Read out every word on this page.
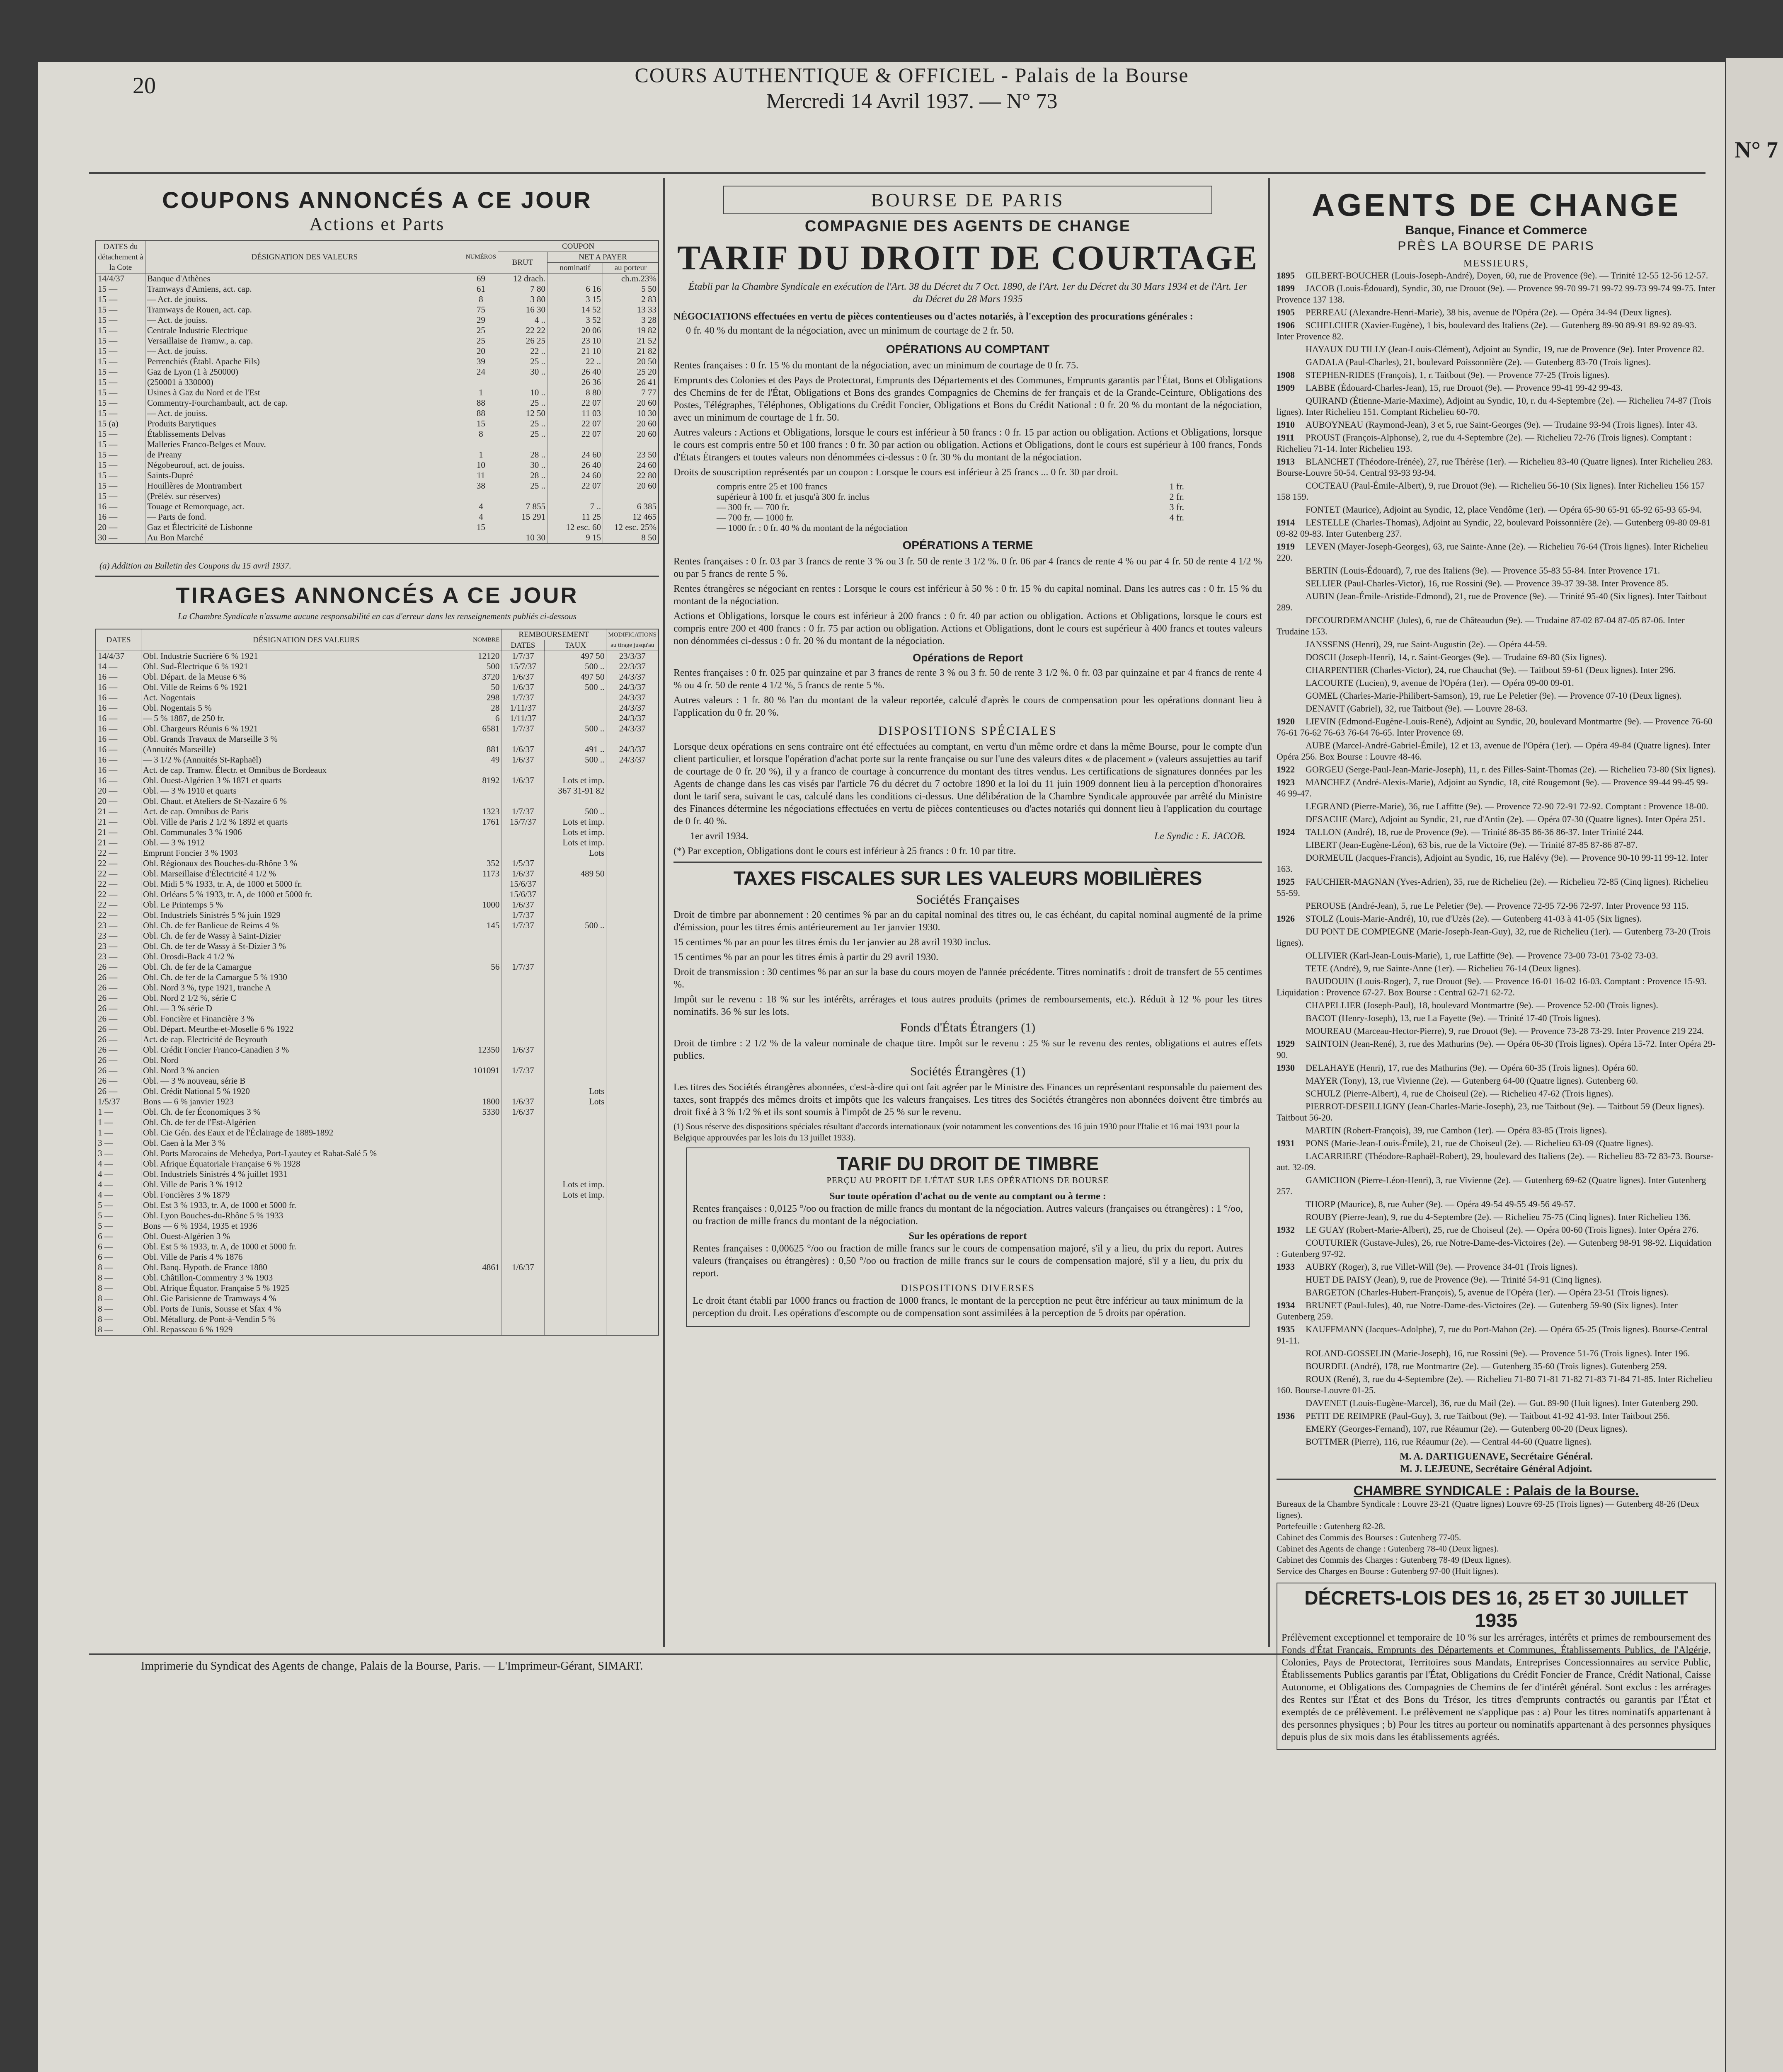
N° 7
20	COURS AUTHENTIQUE & OFFICIEL - Palais de la Bourse
Mercredi 14 Avril 1937. — N° 73
COUPONS ANNONCÉS A CE JOUR
Actions et Parts
DATES du détachement à la Cote	DÉSIGNATION DES VALEURS	NUMÉROS	COUPON		
			BRUT	NET A PAYER	
				nominatif	au porteur
14/4/37	Banque d'Athènes	69	12 drach.		ch.m.23%
15 —	Tramways d'Amiens, act. cap.	61	7 80	6 16	5 50
15 —	— Act. de jouiss.	8	3 80	3 15	2 83
15 —	Tramways de Rouen, act. cap.	75	16 30	14 52	13 33
15 —	— Act. de jouiss.	29	4 ..	3 52	3 28
15 —	Centrale Industrie Electrique	25	22 22	20 06	19 82
15 —	Versaillaise de Tramw., a. cap.	25	26 25	23 10	21 52
15 —	— Act. de jouiss.	20	22 ..	21 10	21 82
15 —	Perrenchiés (Établ. Apache Fils)	39	25 ..	22 ..	20 50
15 —	Gaz de Lyon (1 à 250000)	24	30 ..	26 40	25 20
15 —	(250001 à 330000)			26 36	26 41
15 —	Usines à Gaz du Nord et de l'Est	1	10 ..	8 80	7 77
15 —	Commentry-Fourchambault, act. de cap.	88	25 ..	22 07	20 60
15 —	— Act. de jouiss.	88	12 50	11 03	10 30
15 (a)	Produits Barytiques	15	25 ..	22 07	20 60
15 —	Établissements Delvas	8	25 ..	22 07	20 60
15 —	Malleries Franco-Belges et Mouv.				
15 —	de Preany	1	28 ..	24 60	23 50
15 —	Négobeurouf, act. de jouiss.	10	30 ..	26 40	24 60
15 —	Saints-Dupré	11	28 ..	24 60	22 80
15 —	Houillères de Montrambert	38	25 ..	22 07	20 60
15 —	(Prélèv. sur réserves)				
16 —	Touage et Remorquage, act.	4	7 855	7 ..	6 385
16 —	— Parts de fond.	4	15 291	11 25	12 465
20 —	Gaz et Électricité de Lisbonne	15		12 esc. 60	12 esc. 25%
30 —	Au Bon Marché		10 30	9 15	8 50
(a) Addition au Bulletin des Coupons du 15 avril 1937.
TIRAGES ANNONCÉS A CE JOUR
La Chambre Syndicale n'assume aucune responsabilité en cas d'erreur dans les renseignements publiés ci-dessous
DATES	DÉSIGNATION DES VALEURS	NOMBRE	REMBOURSEMENT		MODIFICATIONS au tirage jusqu'au
			DATES	TAUX	
14/4/37	Obl. Industrie Sucrière 6 % 1921	12120	1/7/37	497 50	23/3/37
14 —	Obl. Sud-Électrique 6 % 1921	500	15/7/37	500 ..	22/3/37
16 —	Obl. Départ. de la Meuse 6 %	3720	1/6/37	497 50	24/3/37
16 —	Obl. Ville de Reims 6 % 1921	50	1/6/37	500 ..	24/3/37
16 —	Act. Nogentais	298	1/7/37		24/3/37
16 —	Obl. Nogentais 5 %	28	1/11/37		24/3/37
16 —	— 5 % 1887, de 250 fr.	6	1/11/37		24/3/37
16 —	Obl. Chargeurs Réunis 6 % 1921	6581	1/7/37	500 ..	24/3/37
16 —	Obl. Grands Travaux de Marseille 3 %				
16 —	(Annuités Marseille)	881	1/6/37	491 ..	24/3/37
16 —	— 3 1/2 % (Annuités St-Raphaël)	49	1/6/37	500 ..	24/3/37
16 —	Act. de cap. Tramw. Électr. et Omnibus de Bordeaux				
16 —	Obl. Ouest-Algérien 3 % 1871 et quarts	8192	1/6/37	Lots et imp.	
20 —	Obl. — 3 % 1910 et quarts			367 31-91 82	
20 —	Obl. Chaut. et Ateliers de St-Nazaire 6 %				
21 —	Act. de cap. Omnibus de Paris	1323	1/7/37	500 ..	
21 —	Obl. Ville de Paris 2 1/2 % 1892 et quarts	1761	15/7/37	Lots et imp.	
21 —	Obl. Communales 3 % 1906			Lots et imp.	
21 —	Obl. — 3 % 1912			Lots et imp.	
22 —	Emprunt Foncier 3 % 1903			Lots	
22 —	Obl. Régionaux des Bouches-du-Rhône 3 %	352	1/5/37		
22 —	Obl. Marseillaise d'Électricité 4 1/2 %	1173	1/6/37	489 50	
22 —	Obl. Midi 5 % 1933, tr. A, de 1000 et 5000 fr.		15/6/37		
22 —	Obl. Orléans 5 % 1933, tr. A, de 1000 et 5000 fr.		15/6/37		
22 —	Obl. Le Printemps 5 %	1000	1/6/37		
22 —	Obl. Industriels Sinistrés 5 % juin 1929		1/7/37		
23 —	Obl. Ch. de fer Banlieue de Reims 4 %	145	1/7/37	500 ..	
23 —	Obl. Ch. de fer de Wassy à Saint-Dizier				
23 —	Obl. Ch. de fer de Wassy à St-Dizier 3 %				
23 —	Obl. Orosdi-Back 4 1/2 %				
26 —	Obl. Ch. de fer de la Camargue	56	1/7/37		
26 —	Obl. Ch. de fer de la Camargue 5 % 1930				
26 —	Obl. Nord 3 %, type 1921, tranche A				
26 —	Obl. Nord 2 1/2 %, série C				
26 —	Obl. — 3 % série D				
26 —	Obl. Foncière et Financière 3 %				
26 —	Obl. Départ. Meurthe-et-Moselle 6 % 1922				
26 —	Act. de cap. Electricité de Beyrouth				
26 —	Obl. Crédit Foncier Franco-Canadien 3 %	12350	1/6/37		
26 —	Obl. Nord				
26 —	Obl. Nord 3 % ancien	101091	1/7/37		
26 —	Obl. — 3 % nouveau, série B				
26 —	Obl. Crédit National 5 % 1920			Lots	
1/5/37	Bons — 6 % janvier 1923	1800	1/6/37	Lots	
1 —	Obl. Ch. de fer Économiques 3 %	5330	1/6/37		
1 —	Obl. Ch. de fer de l'Est-Algérien				
1 —	Obl. Cie Gén. des Eaux et de l'Éclairage de 1889-1892				
3 —	Obl. Caen à la Mer 3 %				
3 —	Obl. Ports Marocains de Mehedya, Port-Lyautey et Rabat-Salé 5 %				
4 —	Obl. Afrique Équatoriale Française 6 % 1928				
4 —	Obl. Industriels Sinistrés 4 % juillet 1931				
4 —	Obl. Ville de Paris 3 % 1912			Lots et imp.	
4 —	Obl. Foncières 3 % 1879			Lots et imp.	
5 —	Obl. Est 3 % 1933, tr. A, de 1000 et 5000 fr.				
5 —	Obl. Lyon Bouches-du-Rhône 5 % 1933				
5 —	Bons — 6 % 1934, 1935 et 1936				
6 —	Obl. Ouest-Algérien 3 %				
6 —	Obl. Est 5 % 1933, tr. A, de 1000 et 5000 fr.				
6 —	Obl. Ville de Paris 4 % 1876				
8 —	Obl. Banq. Hypoth. de France 1880	4861	1/6/37		
8 —	Obl. Châtillon-Commentry 3 % 1903				
8 —	Obl. Afrique Équator. Française 5 % 1925				
8 —	Obl. Gie Parisienne de Tramways 4 %				
8 —	Obl. Ports de Tunis, Sousse et Sfax 4 %				
8 —	Obl. Métallurg. de Pont-à-Vendin 5 %				
8 —	Obl. Repasseau 6 % 1929				
BOURSE DE PARIS
COMPAGNIE DES AGENTS DE CHANGE
TARIF DU DROIT DE COURTAGE
Établi par la Chambre Syndicale en exécution de l'Art. 38 du Décret du 7 Oct. 1890, de l'Art. 1er du Décret du 30 Mars 1934 et de l'Art. 1er du Décret du 28 Mars 1935
NÉGOCIATIONS effectuées en vertu de pièces contentieuses ou d'actes notariés, à l'exception des procurations générales :
0 fr. 40 % du montant de la négociation, avec un minimum de courtage de 2 fr. 50.
OPÉRATIONS AU COMPTANT

Rentes françaises : 0 fr. 15 % du montant de la négociation, avec un minimum de courtage de 0 fr. 75.

Emprunts des Colonies et des Pays de Protectorat, Emprunts des Départements et des Communes, Emprunts garantis par l'État, Bons et Obligations des Chemins de fer de l'État, Obligations et Bons des grandes Compagnies de Chemins de fer français et de la Grande-Ceinture, Obligations des Postes, Télégraphes, Téléphones, Obligations du Crédit Foncier, Obligations et Bons du Crédit National : 0 fr. 20 % du montant de la négociation, avec un minimum de courtage de 1 fr. 50.

Autres valeurs : Actions et Obligations, lorsque le cours est inférieur à 50 francs : 0 fr. 15 par action ou obligation. Actions et Obligations, lorsque le cours est compris entre 50 et 100 francs : 0 fr. 30 par action ou obligation. Actions et Obligations, dont le cours est supérieur à 100 francs, Fonds d'États Étrangers et toutes valeurs non dénommées ci-dessus : 0 fr. 30 % du montant de la négociation.

Droits de souscription représentés par un coupon : Lorsque le cours est inférieur à 25 francs ... 0 fr. 30 par droit.

compris entre 25 et 100 francs	1 fr.
supérieur à 100 fr. et jusqu'à 300 fr. inclus	2 fr.
— 300 fr. — 700 fr.	3 fr.
— 700 fr. — 1000 fr.	4 fr.
— 1000 fr. : 0 fr. 40 % du montant de la négociation	
OPÉRATIONS A TERME

Rentes françaises : 0 fr. 03 par 3 francs de rente 3 % ou 3 fr. 50 de rente 3 1/2 %. 0 fr. 06 par 4 francs de rente 4 % ou par 4 fr. 50 de rente 4 1/2 % ou par 5 francs de rente 5 %.

Rentes étrangères se négociant en rentes : Lorsque le cours est inférieur à 50 % : 0 fr. 15 % du capital nominal. Dans les autres cas : 0 fr. 15 % du montant de la négociation.

Actions et Obligations, lorsque le cours est inférieur à 200 francs : 0 fr. 40 par action ou obligation. Actions et Obligations, lorsque le cours est compris entre 200 et 400 francs : 0 fr. 75 par action ou obligation. Actions et Obligations, dont le cours est supérieur à 400 francs et toutes valeurs non dénommées ci-dessus : 0 fr. 20 % du montant de la négociation.

Opérations de Report

Rentes françaises : 0 fr. 025 par quinzaine et par 3 francs de rente 3 % ou 3 fr. 50 de rente 3 1/2 %. 0 fr. 03 par quinzaine et par 4 francs de rente 4 % ou 4 fr. 50 de rente 4 1/2 %, 5 francs de rente 5 %.

Autres valeurs : 1 fr. 80 % l'an du montant de la valeur reportée, calculé d'après le cours de compensation pour les opérations donnant lieu à l'application du 0 fr. 20 %.

DISPOSITIONS SPÉCIALES

Lorsque deux opérations en sens contraire ont été effectuées au comptant, en vertu d'un même ordre et dans la même Bourse, pour le compte d'un client particulier, et lorsque l'opération d'achat porte sur la rente française ou sur l'une des valeurs dites « de placement » (valeurs assujetties au tarif de courtage de 0 fr. 20 %), il y a franco de courtage à concurrence du montant des titres vendus. Les certifications de signatures données par les Agents de change dans les cas visés par l'article 76 du décret du 7 octobre 1890 et la loi du 11 juin 1909 donnent lieu à la perception d'honoraires dont le tarif sera, suivant le cas, calculé dans les conditions ci-dessus. Une délibération de la Chambre Syndicale approuvée par arrêté du Ministre des Finances détermine les négociations effectuées en vertu de pièces contentieuses ou d'actes notariés qui donnent lieu à l'application du courtage de 0 fr. 40 %.

1er avril 1934.	Le Syndic : E. JACOB.
(*) Par exception, Obligations dont le cours est inférieur à 25 francs : 0 fr. 10 par titre.
TAXES FISCALES SUR LES VALEURS MOBILIÈRES
Sociétés Françaises

Droit de timbre par abonnement : 20 centimes % par an du capital nominal des titres ou, le cas échéant, du capital nominal augmenté de la prime d'émission, pour les titres émis antérieurement au 1er janvier 1930.

15 centimes % par an pour les titres émis du 1er janvier au 28 avril 1930 inclus.

15 centimes % par an pour les titres émis à partir du 29 avril 1930.

Droit de transmission : 30 centimes % par an sur la base du cours moyen de l'année précédente. Titres nominatifs : droit de transfert de 55 centimes %.

Impôt sur le revenu : 18 % sur les intérêts, arrérages et tous autres produits (primes de remboursements, etc.). Réduit à 12 % pour les titres nominatifs. 36 % sur les lots.

Fonds d'États Étrangers (1)

Droit de timbre : 2 1/2 % de la valeur nominale de chaque titre. Impôt sur le revenu : 25 % sur le revenu des rentes, obligations et autres effets publics.

Sociétés Étrangères (1)

Les titres des Sociétés étrangères abonnées, c'est-à-dire qui ont fait agréer par le Ministre des Finances un représentant responsable du paiement des taxes, sont frappés des mêmes droits et impôts que les valeurs françaises. Les titres des Sociétés étrangères non abonnées doivent être timbrés au droit fixé à 3 % 1/2 % et ils sont soumis à l'impôt de 25 % sur le revenu.

(1) Sous réserve des dispositions spéciales résultant d'accords internationaux (voir notamment les conventions des 16 juin 1930 pour l'Italie et 16 mai 1931 pour la Belgique approuvées par les lois du 13 juillet 1933).
TARIF DU DROIT DE TIMBRE
PERÇU AU PROFIT DE L'ÉTAT SUR LES OPÉRATIONS DE BOURSE
Sur toute opération d'achat ou de vente au comptant ou à terme :

Rentes françaises : 0,0125 °/oo ou fraction de mille francs du montant de la négociation. Autres valeurs (françaises ou étrangères) : 1 °/oo, ou fraction de mille francs du montant de la négociation.

Sur les opérations de report

Rentes françaises : 0,00625 °/oo ou fraction de mille francs sur le cours de compensation majoré, s'il y a lieu, du prix du report. Autres valeurs (françaises ou étrangères) : 0,50 °/oo ou fraction de mille francs sur le cours de compensation majoré, s'il y a lieu, du prix du report.

DISPOSITIONS DIVERSES

Le droit étant établi par 1000 francs ou fraction de 1000 francs, le montant de la perception ne peut être inférieur au taux minimum de la perception du droit. Les opérations d'escompte ou de compensation sont assimilées à la perception de 5 droits par opération.

AGENTS DE CHANGE
Banque, Finance et Commerce
PRÈS LA BOURSE DE PARIS
MESSIEURS,
1895 GILBERT-BOUCHER (Louis-Joseph-André), Doyen, 60, rue de Provence (9e). — Trinité 12-55 12-56 12-57.
1899 JACOB (Louis-Édouard), Syndic, 30, rue Drouot (9e). — Provence 99-70 99-71 99-72 99-73 99-74 99-75. Inter Provence 137 138.
1905 PERREAU (Alexandre-Henri-Marie), 38 bis, avenue de l'Opéra (2e). — Opéra 34-94 (Deux lignes).
1906 SCHELCHER (Xavier-Eugène), 1 bis, boulevard des Italiens (2e). — Gutenberg 89-90 89-91 89-92 89-93. Inter Provence 82.
HAYAUX DU TILLY (Jean-Louis-Clément), Adjoint au Syndic, 19, rue de Provence (9e). Inter Provence 82.
GADALA (Paul-Charles), 21, boulevard Poissonnière (2e). — Gutenberg 83-70 (Trois lignes).
1908 STEPHEN-RIDES (François), 1, r. Taitbout (9e). — Provence 77-25 (Trois lignes).
1909 LABBE (Édouard-Charles-Jean), 15, rue Drouot (9e). — Provence 99-41 99-42 99-43.
QUIRAND (Étienne-Marie-Maxime), Adjoint au Syndic, 10, r. du 4-Septembre (2e). — Richelieu 74-87 (Trois lignes). Inter Richelieu 151. Comptant Richelieu 60-70.
1910 AUBOYNEAU (Raymond-Jean), 3 et 5, rue Saint-Georges (9e). — Trudaine 93-94 (Trois lignes). Inter 43.
1911 PROUST (François-Alphonse), 2, rue du 4-Septembre (2e). — Richelieu 72-76 (Trois lignes). Comptant : Richelieu 71-14. Inter Richelieu 193.
1913 BLANCHET (Théodore-Irénée), 27, rue Thérèse (1er). — Richelieu 83-40 (Quatre lignes). Inter Richelieu 283. Bourse-Louvre 50-54. Central 93-93 93-94.
COCTEAU (Paul-Émile-Albert), 9, rue Drouot (9e). — Richelieu 56-10 (Six lignes). Inter Richelieu 156 157 158 159.
FONTET (Maurice), Adjoint au Syndic, 12, place Vendôme (1er). — Opéra 65-90 65-91 65-92 65-93 65-94.
1914 LESTELLE (Charles-Thomas), Adjoint au Syndic, 22, boulevard Poissonnière (2e). — Gutenberg 09-80 09-81 09-82 09-83. Inter Gutenberg 237.
1919 LEVEN (Mayer-Joseph-Georges), 63, rue Sainte-Anne (2e). — Richelieu 76-64 (Trois lignes). Inter Richelieu 220.
BERTIN (Louis-Édouard), 7, rue des Italiens (9e). — Provence 55-83 55-84. Inter Provence 171.
SELLIER (Paul-Charles-Victor), 16, rue Rossini (9e). — Provence 39-37 39-38. Inter Provence 85.
AUBIN (Jean-Émile-Aristide-Edmond), 21, rue de Provence (9e). — Trinité 95-40 (Six lignes). Inter Taitbout 289.
DECOURDEMANCHE (Jules), 6, rue de Châteaudun (9e). — Trudaine 87-02 87-04 87-05 87-06. Inter Trudaine 153.
JANSSENS (Henri), 29, rue Saint-Augustin (2e). — Opéra 44-59.
DOSCH (Joseph-Henri), 14, r. Saint-Georges (9e). — Trudaine 69-80 (Six lignes).
CHARPENTIER (Charles-Victor), 24, rue Chauchat (9e). — Taitbout 59-61 (Deux lignes). Inter 296.
LACOURTE (Lucien), 9, avenue de l'Opéra (1er). — Opéra 09-00 09-01.
GOMEL (Charles-Marie-Philibert-Samson), 19, rue Le Peletier (9e). — Provence 07-10 (Deux lignes).
DENAVIT (Gabriel), 32, rue Taitbout (9e). — Louvre 28-63.
1920 LIEVIN (Edmond-Eugène-Louis-René), Adjoint au Syndic, 20, boulevard Montmartre (9e). — Provence 76-60 76-61 76-62 76-63 76-64 76-65. Inter Provence 69.
AUBE (Marcel-André-Gabriel-Émile), 12 et 13, avenue de l'Opéra (1er). — Opéra 49-84 (Quatre lignes). Inter Opéra 256. Box Bourse : Louvre 48-46.
1922 GORGEU (Serge-Paul-Jean-Marie-Joseph), 11, r. des Filles-Saint-Thomas (2e). — Richelieu 73-80 (Six lignes).
1923 MANCHEZ (André-Alexis-Marie), Adjoint au Syndic, 18, cité Rougemont (9e). — Provence 99-44 99-45 99-46 99-47.
LEGRAND (Pierre-Marie), 36, rue Laffitte (9e). — Provence 72-90 72-91 72-92. Comptant : Provence 18-00.
DESACHE (Marc), Adjoint au Syndic, 21, rue d'Antin (2e). — Opéra 07-30 (Quatre lignes). Inter Opéra 251.
1924 TALLON (André), 18, rue de Provence (9e). — Trinité 86-35 86-36 86-37. Inter Trinité 244.
LIBERT (Jean-Eugène-Léon), 63 bis, rue de la Victoire (9e). — Trinité 87-85 87-86 87-87.
DORMEUIL (Jacques-Francis), Adjoint au Syndic, 16, rue Halévy (9e). — Provence 90-10 99-11 99-12. Inter 163.
1925 FAUCHIER-MAGNAN (Yves-Adrien), 35, rue de Richelieu (2e). — Richelieu 72-85 (Cinq lignes). Richelieu 55-59.
PEROUSE (André-Jean), 5, rue Le Peletier (9e). — Provence 72-95 72-96 72-97. Inter Provence 93 115.
1926 STOLZ (Louis-Marie-André), 10, rue d'Uzès (2e). — Gutenberg 41-03 à 41-05 (Six lignes).
DU PONT DE COMPIEGNE (Marie-Joseph-Jean-Guy), 32, rue de Richelieu (1er). — Gutenberg 73-20 (Trois lignes).
OLLIVIER (Karl-Jean-Louis-Marie), 1, rue Laffitte (9e). — Provence 73-00 73-01 73-02 73-03.
TETE (André), 9, rue Sainte-Anne (1er). — Richelieu 76-14 (Deux lignes).
BAUDOUIN (Louis-Roger), 7, rue Drouot (9e). — Provence 16-01 16-02 16-03. Comptant : Provence 15-93. Liquidation : Provence 67-27. Box Bourse : Central 62-71 62-72.
CHAPELLIER (Joseph-Paul), 18, boulevard Montmartre (9e). — Provence 52-00 (Trois lignes).
BACOT (Henry-Joseph), 13, rue La Fayette (9e). — Trinité 17-40 (Trois lignes).
MOUREAU (Marceau-Hector-Pierre), 9, rue Drouot (9e). — Provence 73-28 73-29. Inter Provence 219 224.
1929 SAINTOIN (Jean-René), 3, rue des Mathurins (9e). — Opéra 06-30 (Trois lignes). Opéra 15-72. Inter Opéra 29-90.
1930 DELAHAYE (Henri), 17, rue des Mathurins (9e). — Opéra 60-35 (Trois lignes). Opéra 60.
MAYER (Tony), 13, rue Vivienne (2e). — Gutenberg 64-00 (Quatre lignes). Gutenberg 60.
SCHULZ (Pierre-Albert), 4, rue de Choiseul (2e). — Richelieu 47-62 (Trois lignes).
PIERROT-DESEILLIGNY (Jean-Charles-Marie-Joseph), 23, rue Taitbout (9e). — Taitbout 59 (Deux lignes). Taitbout 56-20.
MARTIN (Robert-François), 39, rue Cambon (1er). — Opéra 83-85 (Trois lignes).
1931 PONS (Marie-Jean-Louis-Émile), 21, rue de Choiseul (2e). — Richelieu 63-09 (Quatre lignes).
LACARRIERE (Théodore-Raphaël-Robert), 29, boulevard des Italiens (2e). — Richelieu 83-72 83-73. Bourse-aut. 32-09.
GAMICHON (Pierre-Léon-Henri), 3, rue Vivienne (2e). — Gutenberg 69-62 (Quatre lignes). Inter Gutenberg 257.
THORP (Maurice), 8, rue Auber (9e). — Opéra 49-54 49-55 49-56 49-57.
ROUBY (Pierre-Jean), 9, rue du 4-Septembre (2e). — Richelieu 75-75 (Cinq lignes). Inter Richelieu 136.
1932 LE GUAY (Robert-Marie-Albert), 25, rue de Choiseul (2e). — Opéra 00-60 (Trois lignes). Inter Opéra 276.
COUTURIER (Gustave-Jules), 26, rue Notre-Dame-des-Victoires (2e). — Gutenberg 98-91 98-92. Liquidation : Gutenberg 97-92.
1933 AUBRY (Roger), 3, rue Villet-Will (9e). — Provence 34-01 (Trois lignes).
HUET DE PAISY (Jean), 9, rue de Provence (9e). — Trinité 54-91 (Cinq lignes).
BARGETON (Charles-Hubert-François), 5, avenue de l'Opéra (1er). — Opéra 23-51 (Trois lignes).
1934 BRUNET (Paul-Jules), 40, rue Notre-Dame-des-Victoires (2e). — Gutenberg 59-90 (Six lignes). Inter Gutenberg 259.
1935 KAUFFMANN (Jacques-Adolphe), 7, rue du Port-Mahon (2e). — Opéra 65-25 (Trois lignes). Bourse-Central 91-11.
ROLAND-GOSSELIN (Marie-Joseph), 16, rue Rossini (9e). — Provence 51-76 (Trois lignes). Inter 196.
BOURDEL (André), 178, rue Montmartre (2e). — Gutenberg 35-60 (Trois lignes). Gutenberg 259.
ROUX (René), 3, rue du 4-Septembre (2e). — Richelieu 71-80 71-81 71-82 71-83 71-84 71-85. Inter Richelieu 160. Bourse-Louvre 01-25.
DAVENET (Louis-Eugène-Marcel), 36, rue du Mail (2e). — Gut. 89-90 (Huit lignes). Inter Gutenberg 290.
1936 PETIT DE REIMPRE (Paul-Guy), 3, rue Taitbout (9e). — Taitbout 41-92 41-93. Inter Taitbout 256.
EMERY (Georges-Fernand), 107, rue Réaumur (2e). — Gutenberg 00-20 (Deux lignes).
BOTTMER (Pierre), 116, rue Réaumur (2e). — Central 44-60 (Quatre lignes).
M. A. DARTIGUENAVE, Secrétaire Général.
M. J. LEJEUNE, Secrétaire Général Adjoint.
CHAMBRE SYNDICALE : Palais de la Bourse.
Bureaux de la Chambre Syndicale : Louvre 23-21 (Quatre lignes) Louvre 69-25 (Trois lignes) — Gutenberg 48-26 (Deux lignes).
Portefeuille : Gutenberg 82-28.
Cabinet des Commis des Bourses : Gutenberg 77-05.
Cabinet des Agents de change : Gutenberg 78-40 (Deux lignes).
Cabinet des Commis des Charges : Gutenberg 78-49 (Deux lignes).
Service des Charges en Bourse : Gutenberg 97-00 (Huit lignes).
DÉCRETS-LOIS DES 16, 25 ET 30 JUILLET 1935

Prélèvement exceptionnel et temporaire de 10 % sur les arrérages, intérêts et primes de remboursement des Fonds d'État Français, Emprunts des Départements et Communes, Établissements Publics, de l'Algérie, Colonies, Pays de Protectorat, Territoires sous Mandats, Entreprises Concessionnaires au service Public, Établissements Publics garantis par l'État, Obligations du Crédit Foncier de France, Crédit National, Caisse Autonome, et Obligations des Compagnies de Chemins de fer d'intérêt général. Sont exclus : les arrérages des Rentes sur l'État et des Bons du Trésor, les titres d'emprunts contractés ou garantis par l'État et exemptés de ce prélèvement. Le prélèvement ne s'applique pas : a) Pour les titres nominatifs appartenant à des personnes physiques ; b) Pour les titres au porteur ou nominatifs appartenant à des personnes physiques depuis plus de six mois dans les établissements agréés.

Imprimerie du Syndicat des Agents de change, Palais de la Bourse, Paris. — L'Imprimeur-Gérant, SIMART.
